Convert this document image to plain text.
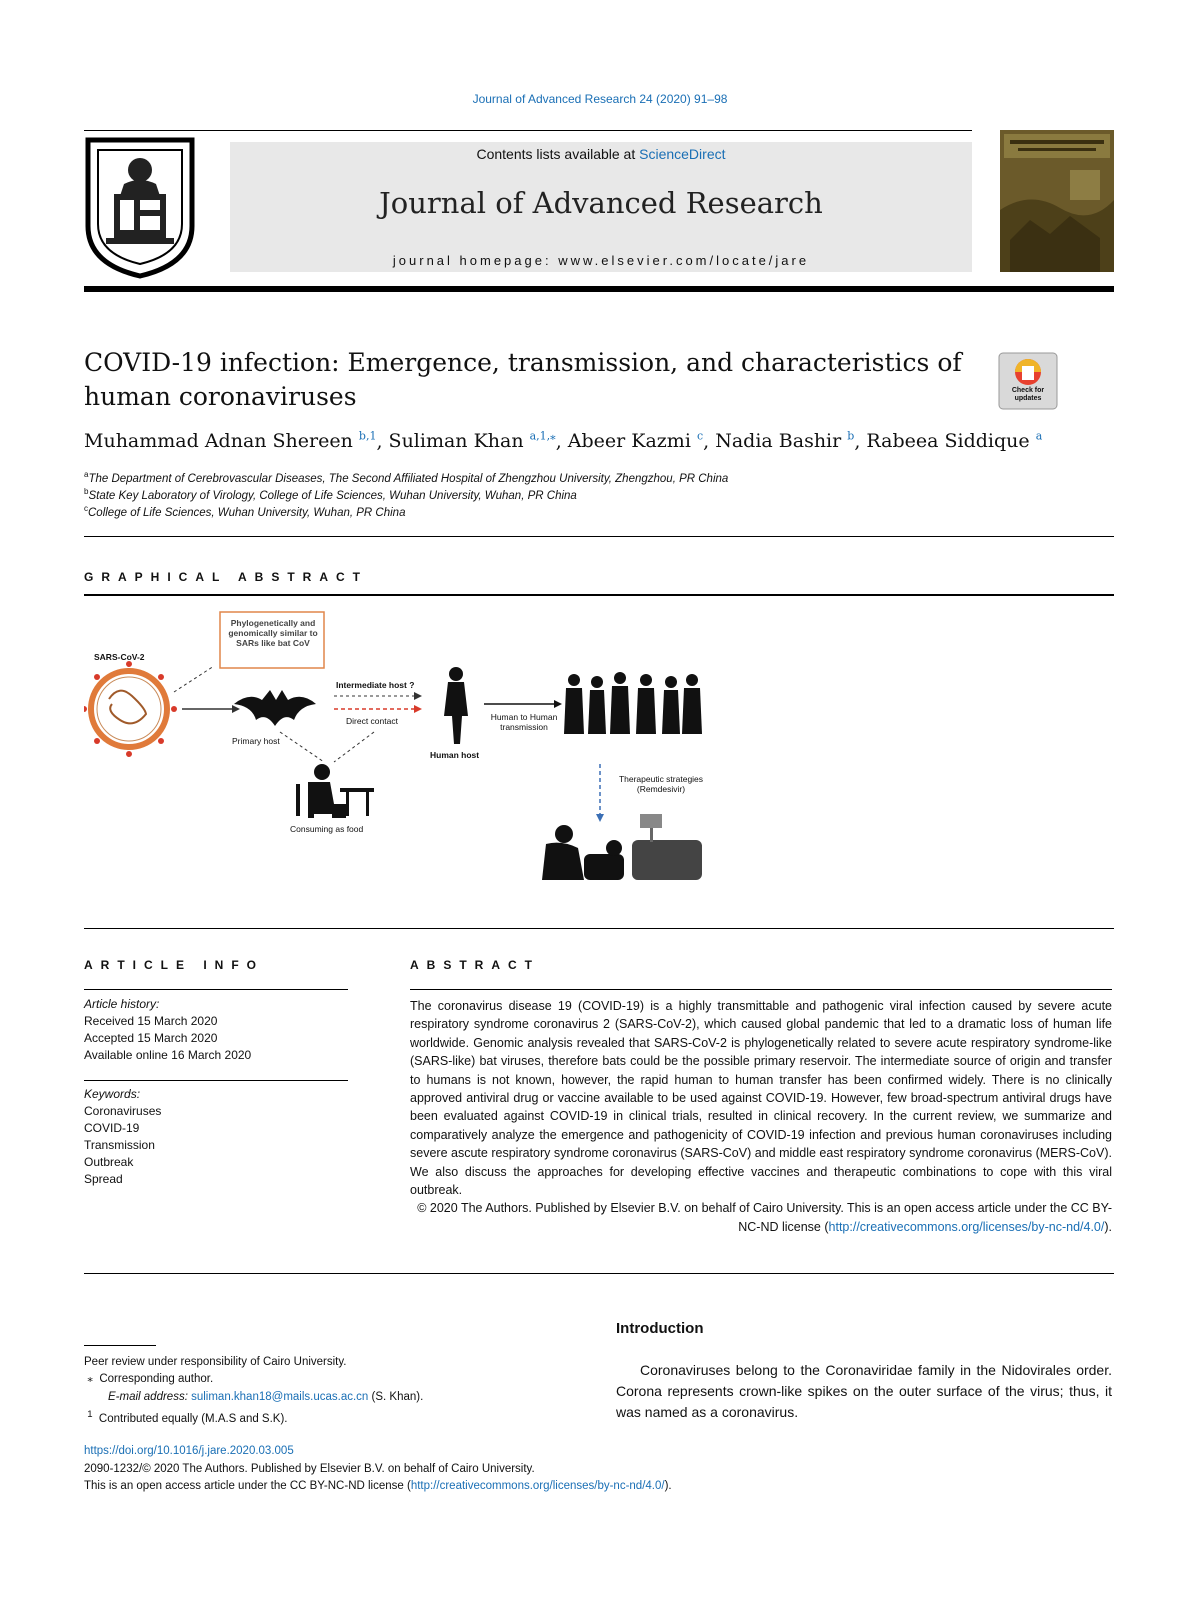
Journal of Advanced Research 24 (2020) 91–98
Contents lists available at ScienceDirect
Journal of Advanced Research
journal homepage: www.elsevier.com/locate/jare
COVID-19 infection: Emergence, transmission, and characteristics of human coronaviruses	Check for updates
Muhammad Adnan Shereen $^{b,1}$, Suliman Khan $^{a,1,⁎}$, Abeer Kazmi $^c$, Nadia Bashir $^b$, Rabeea Siddique $^a$
$^a$The Department of Cerebrovascular Diseases, The Second Affiliated Hospital of Zhengzhou University, Zhengzhou, PR China
$^b$State Key Laboratory of Virology, College of Life Sciences, Wuhan University, Wuhan, PR China
$^c$College of Life Sciences, Wuhan University, Wuhan, PR China
GRAPHICAL ABSTRACT
SARS-CoV-2
Phylogenetically and genomically similar to SARs like bat CoV
Primary host
Intermediate host ?
Direct contact
Human host
Human to Human transmission
Consuming as food
Therapeutic strategies (Remdesivir)
ARTICLE INFO
Article history:
Received 15 March 2020
Accepted 15 March 2020
Available online 16 March 2020
Keywords:
Coronaviruses
COVID-19
Transmission
Outbreak
Spread
ABSTRACT

The coronavirus disease 19 (COVID-19) is a highly transmittable and pathogenic viral infection caused by severe acute respiratory syndrome coronavirus 2 (SARS-CoV-2), which caused global pandemic that led to a dramatic loss of human life worldwide. Genomic analysis revealed that SARS-CoV-2 is phylogenetically related to severe acute respiratory syndrome-like (SARS-like) bat viruses, therefore bats could be the possible primary reservoir. The intermediate source of origin and transfer to humans is not known, however, the rapid human to human transfer has been confirmed widely. There is no clinically approved antiviral drug or vaccine available to be used against COVID-19. However, few broad-spectrum antiviral drugs have been evaluated against COVID-19 in clinical trials, resulted in clinical recovery. In the current review, we summarize and comparatively analyze the emergence and pathogenicity of COVID-19 infection and previous human coronaviruses including severe ascute respiratory syndrome coronavirus (SARS-CoV) and middle east respiratory syndrome coronavirus (MERS-CoV). We also discuss the approaches for developing effective vaccines and therapeutic combinations to cope with this viral outbreak.

© 2020 The Authors. Published by Elsevier B.V. on behalf of Cairo University. This is an open access article under the CC BY-NC-ND license (http://creativecommons.org/licenses/by-nc-nd/4.0/).

Introduction
Coronaviruses belong to the Coronaviridae family in the Nidovirales order. Corona represents crown-like spikes on the outer surface of the virus; thus, it was named as a coronavirus.
Peer review under responsibility of Cairo University.
⁎ Corresponding author.
E-mail address: suliman.khan18@mails.ucas.ac.cn (S. Khan).
$^1$ Contributed equally (M.A.S and S.K).
https://doi.org/10.1016/j.jare.2020.03.005
2090-1232/© 2020 The Authors. Published by Elsevier B.V. on behalf of Cairo University.
This is an open access article under the CC BY-NC-ND license (http://creativecommons.org/licenses/by-nc-nd/4.0/).
